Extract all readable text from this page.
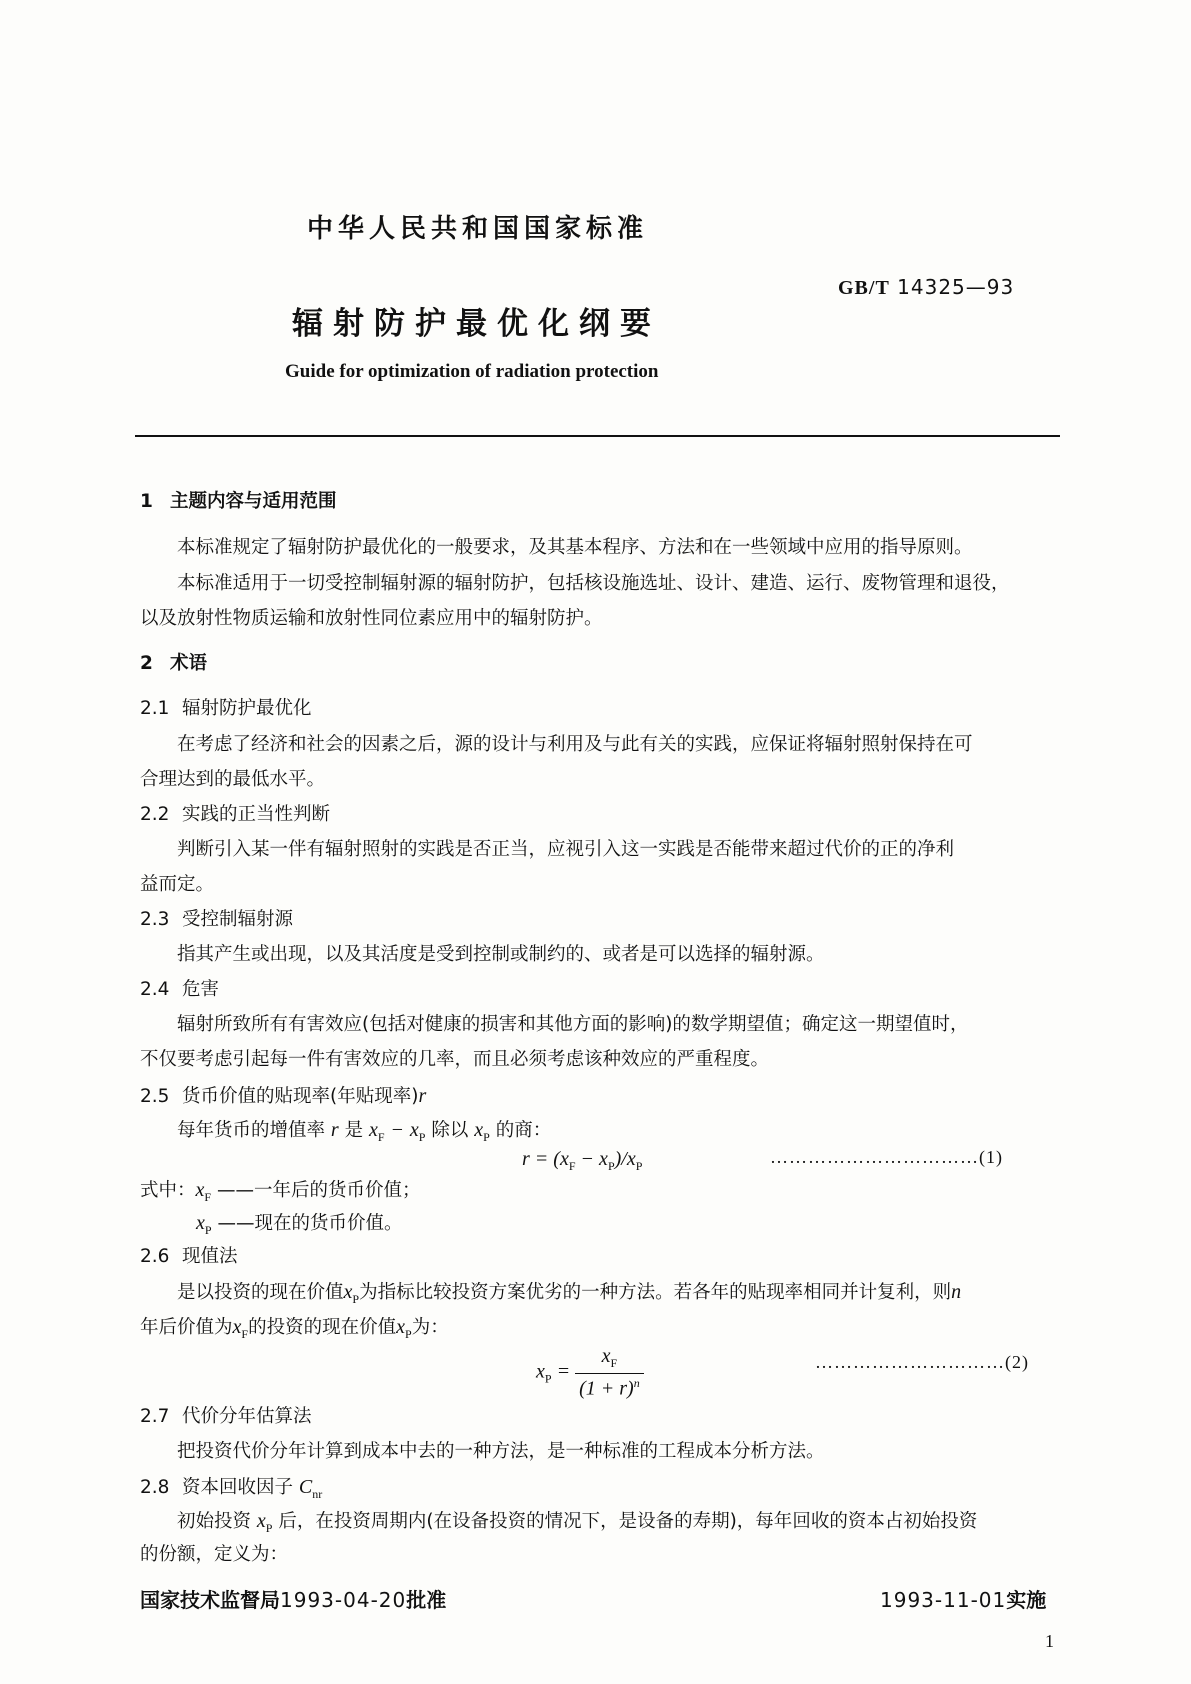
中华人民共和国国家标准
GB/T 14325—93
辐射防护最优化纲要
Guide for optimization of radiation protection
1 主题内容与适用范围
本标准规定了辐射防护最优化的一般要求，及其基本程序、方法和在一些领域中应用的指导原则。
本标准适用于一切受控制辐射源的辐射防护，包括核设施选址、设计、建造、运行、废物管理和退役，
以及放射性物质运输和放射性同位素应用中的辐射防护。
2 术语
2.1 辐射防护最优化
在考虑了经济和社会的因素之后，源的设计与利用及与此有关的实践，应保证将辐射照射保持在可
合理达到的最低水平。
2.2 实践的正当性判断
判断引入某一伴有辐射照射的实践是否正当，应视引入这一实践是否能带来超过代价的正的净利
益而定。
2.3 受控制辐射源
指其产生或出现，以及其活度是受到控制或制约的、或者是可以选择的辐射源。
2.4 危害
辐射所致所有有害效应(包括对健康的损害和其他方面的影响)的数学期望值；确定这一期望值时，
不仅要考虑引起每一件有害效应的几率，而且必须考虑该种效应的严重程度。
2.5 货币价值的贴现率(年贴现率)r
每年货币的增值率 r 是 $x_F - x_P$ 除以 $x_P$ 的商：
$r = (x_F - x_P)/x_P$	……………………………(1)
式中：$x_F$ ——一年后的货币价值；
$x_P$ ——现在的货币价值。
2.6 现值法
是以投资的现在价值$x_P$为指标比较投资方案优劣的一种方法。若各年的贴现率相同并计复利，则n
年后价值为$x_F$的投资的现在价值$x_P$为：
$x_P = \frac{x_F}{(1 + r)^n}$	…………………………(2)
2.7 代价分年估算法
把投资代价分年计算到成本中去的一种方法，是一种标准的工程成本分析方法。
2.8 资本回收因子 $C_{nr}$
初始投资 $x_P$ 后，在投资周期内(在设备投资的情况下，是设备的寿期)，每年回收的资本占初始投资
的份额，定义为：
国家技术监督局1993-04-20批准	1993-11-01实施
1
